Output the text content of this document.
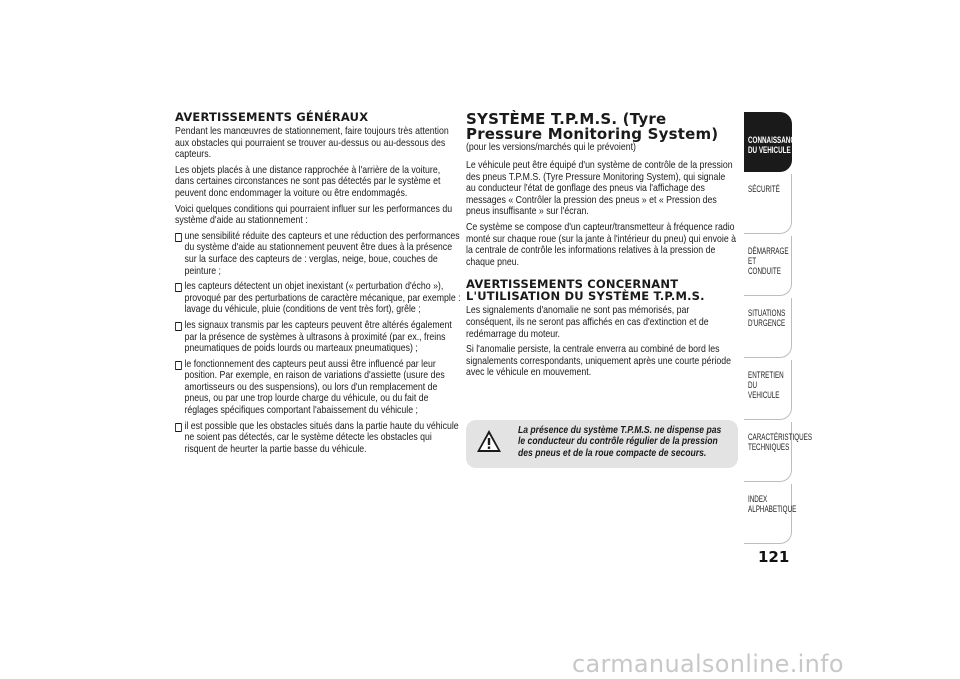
AVERTISSEMENTS GÉNÉRAUX
Pendant les manœuvres de stationnement, faire toujours très attention aux obstacles qui pourraient se trouver au-dessus ou au-dessous des capteurs.
Les objets placés à une distance rapprochée à l'arrière de la voiture, dans certaines circonstances ne sont pas détectés par le système et peuvent donc endommager la voiture ou être endommagés.
Voici quelques conditions qui pourraient influer sur les performances du système d'aide au stationnement :
une sensibilité réduite des capteurs et une réduction des performances du système d'aide au stationnement peuvent être dues à la présence sur la surface des capteurs de : verglas, neige, boue, couches de peinture ;
les capteurs détectent un objet inexistant (« perturbation d'écho »), provoqué par des perturbations de caractère mécanique, par exemple : lavage du véhicule, pluie (conditions de vent très fort), grêle ;
les signaux transmis par les capteurs peuvent être altérés également par la présence de systèmes à ultrasons à proximité (par ex., freins pneumatiques de poids lourds ou marteaux pneumatiques) ;
le fonctionnement des capteurs peut aussi être influencé par leur position. Par exemple, en raison de variations d'assiette (usure des amortisseurs ou des suspensions), ou lors d'un remplacement de pneus, ou par une trop lourde charge du véhicule, ou du fait de réglages spécifiques comportant l'abaissement du véhicule ;
il est possible que les obstacles situés dans la partie haute du véhicule ne soient pas détectés, car le système détecte les obstacles qui risquent de heurter la partie basse du véhicule.
SYSTÈME T.P.M.S. (Tyre Pressure Monitoring System)
(pour les versions/marchés qui le prévoient)
Le véhicule peut être équipé d'un système de contrôle de la pression des pneus T.P.M.S. (Tyre Pressure Monitoring System), qui signale au conducteur l'état de gonflage des pneus via l'affichage des messages « Contrôler la pression des pneus » et « Pression des pneus insuffisante » sur l'écran.
Ce système se compose d'un capteur/transmetteur à fréquence radio monté sur chaque roue (sur la jante à l'intérieur du pneu) qui envoie à la centrale de contrôle les informations relatives à la pression de chaque pneu.
AVERTISSEMENTS CONCERNANT L'UTILISATION DU SYSTÈME T.P.M.S.
Les signalements d'anomalie ne sont pas mémorisés, par conséquent, ils ne seront pas affichés en cas d'extinction et de redémarrage du moteur.
Si l'anomalie persiste, la centrale enverra au combiné de bord les signalements correspondants, uniquement après une courte période avec le véhicule en mouvement.
La présence du système T.P.M.S. ne dispense pas le conducteur du contrôle régulier de la pression des pneus et de la roue compacte de secours.
CONNAISSANCE DU VEHICULE
SÉCURITÉ
DÉMARRAGE ET CONDUITE
SITUATIONS D'URGENCE
ENTRETIEN DU VEHICULE
CARACTÉRISTIQUES TECHNIQUES
INDEX ALPHABETIQUE
121
carmanualsonline.info
